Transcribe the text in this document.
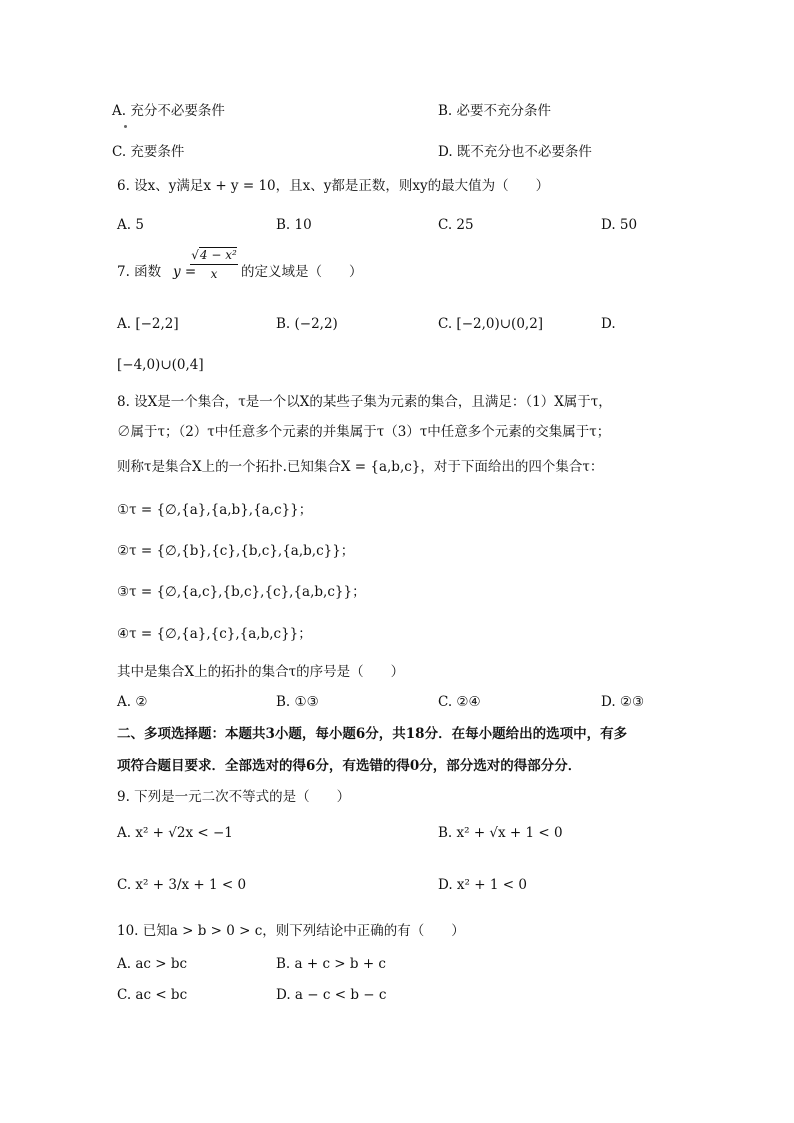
A. 充分不必要条件	B. 必要不充分条件
C. 充要条件	D. 既不充分也不必要条件
6. 设x、y满足x + y = 10，且x、y都是正数，则xy的最大值为（　　）
A. 5	B. 10	C. 25	D. 50
7. 函数 y =
√4 − x²
x	的定义域是（　　）
A. [−2,2]	B. (−2,2)	C. [−2,0)∪(0,2]	D.
[−4,0)∪(0,4]
8. 设X是一个集合，τ是一个以X的某些子集为元素的集合，且满足：（1）X属于τ，
∅属于τ；（2）τ中任意多个元素的并集属于τ（3）τ中任意多个元素的交集属于τ；
则称τ是集合X上的一个拓扑.已知集合X = {a,b,c}，对于下面给出的四个集合τ：
①τ = {∅,{a},{a,b},{a,c}}；
②τ = {∅,{b},{c},{b,c},{a,b,c}}；
③τ = {∅,{a,c},{b,c},{c},{a,b,c}}；
④τ = {∅,{a},{c},{a,b,c}}；
其中是集合X上的拓扑的集合τ的序号是（　　）
A. ②	B. ①③	C. ②④	D. ②③
二、多项选择题：本题共3小题，每小题6分，共18分．在每小题给出的选项中，有多
项符合题目要求．全部选对的得6分，有选错的得0分，部分选对的得部分分．
9. 下列是一元二次不等式的是（　　）
A. x² + √2x < −1	B. x² + √x + 1 < 0
C. x² + 3/x + 1 < 0	D. x² + 1 < 0
10. 已知a > b > 0 > c，则下列结论中正确的有（　　）
A. ac > bc	B. a + c > b + c
C. ac < bc	D. a − c < b − c
